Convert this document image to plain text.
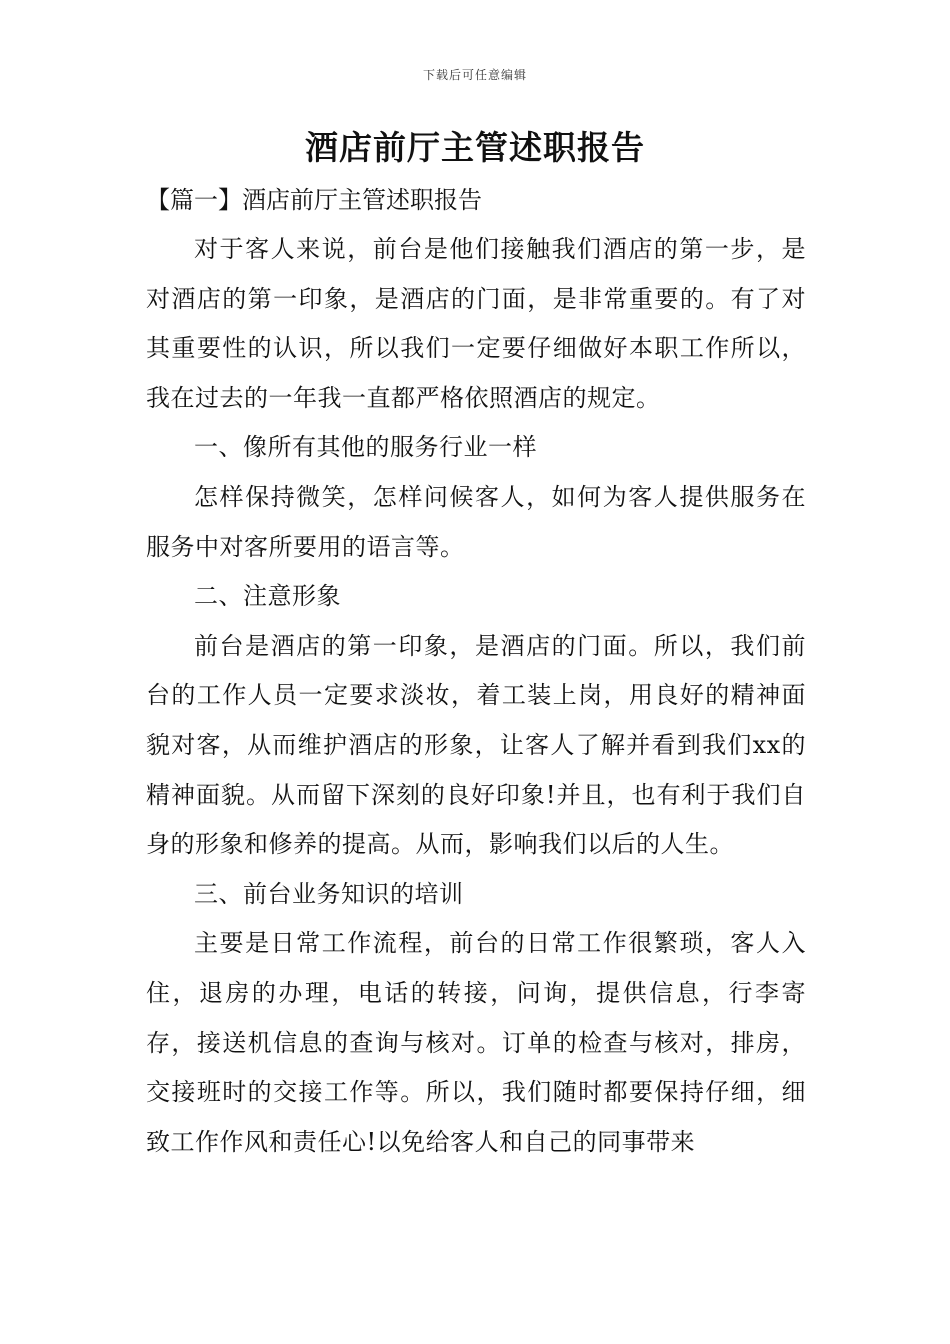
下载后可任意编辑
酒店前厅主管述职报告
【篇一】酒店前厅主管述职报告

对于客人来说，前台是他们接触我们酒店的第一步，是对酒店的第一印象，是酒店的门面，是非常重要的。有了对其重要性的认识，所以我们一定要仔细做好本职工作所以，我在过去的一年我一直都严格依照酒店的规定。

一、像所有其他的服务行业一样

怎样保持微笑，怎样问候客人，如何为客人提供服务在服务中对客所要用的语言等。

二、注意形象

前台是酒店的第一印象，是酒店的门面。所以，我们前台的工作人员一定要求淡妆，着工装上岗，用良好的精神面貌对客，从而维护酒店的形象，让客人了解并看到我们xx的精神面貌。从而留下深刻的良好印象!并且，也有利于我们自身的形象和修养的提高。从而，影响我们以后的人生。

三、前台业务知识的培训

主要是日常工作流程，前台的日常工作很繁琐，客人入住，退房的办理，电话的转接，问询，提供信息，行李寄存，接送机信息的查询与核对。订单的检查与核对，排房，交接班时的交接工作等。所以，我们随时都要保持仔细，细致工作作风和责任心!以免给客人和自己的同事带来
